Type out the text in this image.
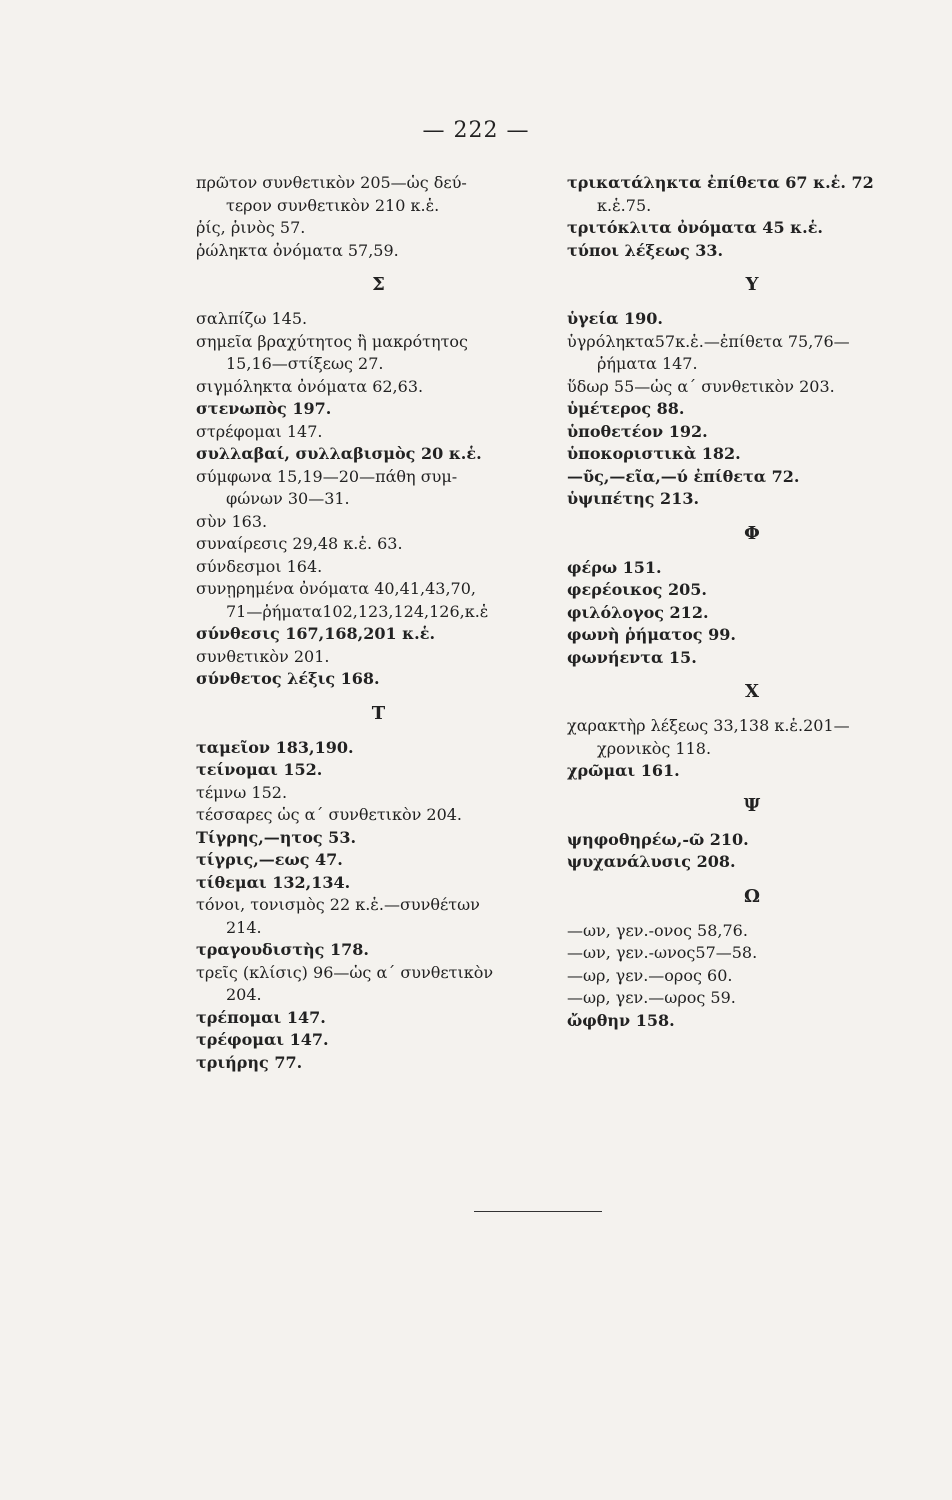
— 222 —
πρῶτον συνθετικὸν 205—ὡς δεύ-
τερον συνθετικὸν 210 κ.ἑ.
ῥίς, ῥινὸς 57.
ῥώληκτα ὀνόματα 57,59.
Σ
σαλπίζω 145.
σημεῖα βραχύτητος ἢ μακρότητος
15,16—στίξεως 27.
σιγμόληκτα ὀνόματα 62,63.
στενωπὸς 197.
στρέφομαι 147.
συλλαβαί, συλλαβισμὸς 20 κ.ἑ.
σύμφωνα 15,19—20—πάθη συμ-
φώνων 30—31.
σὺν 163.
συναίρεσις 29,48 κ.ἑ. 63.
σύνδεσμοι 164.
συνῃρημένα ὀνόματα 40,41,43,70,
71—ῥήματα102,123,124,126,κ.ἑ
σύνθεσις 167,168,201 κ.ἑ.
συνθετικὸν 201.
σύνθετος λέξις 168.
Τ
ταμεῖον 183,190.
τείνομαι 152.
τέμνω 152.
τέσσαρες ὡς α΄ συνθετικὸν 204.
Τίγρης,—ητος 53.
τίγρις,—εως 47.
τίθεμαι 132,134.
τόνοι, τονισμὸς 22 κ.ἑ.—συνθέτων
214.
τραγουδιστὴς 178.
τρεῖς (κλίσις) 96—ὡς α΄ συνθετικὸν
204.
τρέπομαι 147.
τρέφομαι 147.
τριήρης 77.
τρικατάληκτα ἐπίθετα 67 κ.ἑ. 72
κ.ἑ.75.
τριτόκλιτα ὀνόματα 45 κ.ἑ.
τύποι λέξεως 33.
Υ
ὑγεία 190.
ὑγρόληκτα57κ.ἑ.—ἐπίθετα 75,76—
ῥήματα 147.
ὕδωρ 55—ὡς α΄ συνθετικὸν 203.
ὑμέτερος 88.
ὑποθετέον 192.
ὑποκοριστικὰ 182.
—ῦς,—εῖα,—ύ ἐπίθετα 72.
ὑψιπέτης 213.
Φ
φέρω 151.
φερέοικος 205.
φιλόλογος 212.
φωνὴ ῥήματος 99.
φωνήεντα 15.
Χ
χαρακτὴρ λέξεως 33,138 κ.ἑ.201—
χρονικὸς 118.
χρῶμαι 161.
Ψ
ψηφοθηρέω,-ῶ 210.
ψυχανάλυσις 208.
Ω
—ων, γεν.-ονος 58,76.
—ων, γεν.-ωνος57—58.
—ωρ, γεν.—ορος 60.
—ωρ, γεν.—ωρος 59.
ὤφθην 158.
